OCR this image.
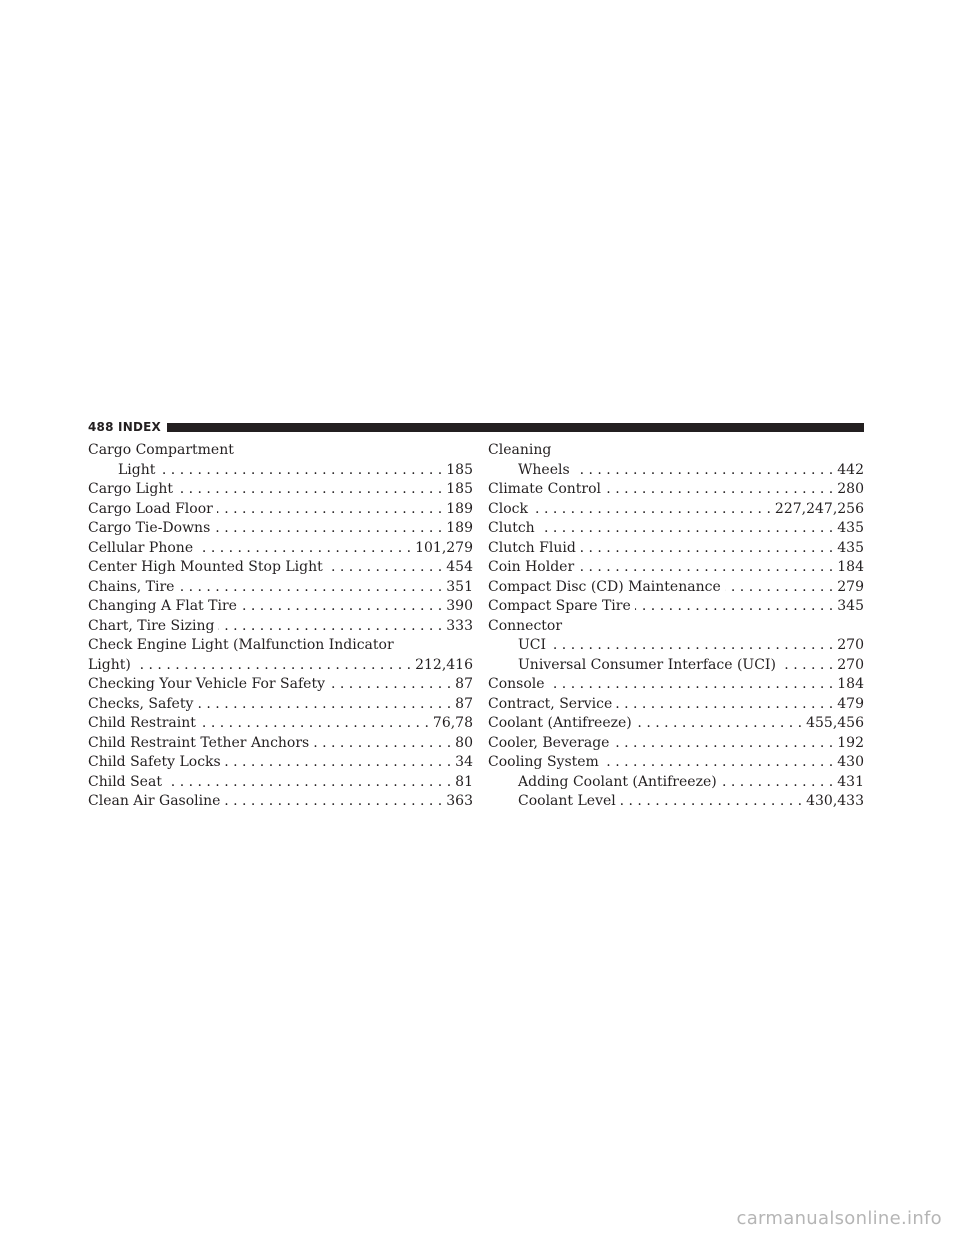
488 INDEX
Cargo Compartment
Light . . .	185
Cargo Light . . .	185
Cargo Load Floor . . .	189
Cargo Tie-Downs . . .	189
Cellular Phone . . .	101,279
Center High Mounted Stop Light . . .	454
Chains, Tire . . .	351
Changing A Flat Tire . . .	390
Chart, Tire Sizing . . .	333
Check Engine Light (Malfunction Indicator
Light) . . .	212,416
Checking Your Vehicle For Safety . . .	87
Checks, Safety . . .	87
Child Restraint . . .	76,78
Child Restraint Tether Anchors . . .	80
Child Safety Locks . . .	34
Child Seat . . .	81
Clean Air Gasoline . . .	363
Cleaning
Wheels . . .	442
Climate Control . . .	280
Clock . . .	227,247,256
Clutch . . .	435
Clutch Fluid . . .	435
Coin Holder . . .	184
Compact Disc (CD) Maintenance . . .	279
Compact Spare Tire . . .	345
Connector
UCI . . .	270
Universal Consumer Interface (UCI) . . .	270
Console . . .	184
Contract, Service . . .	479
Coolant (Antifreeze) . . .	455,456
Cooler, Beverage . . .	192
Cooling System . . .	430
Adding Coolant (Antifreeze) . . .	431
Coolant Level . . .	430,433
carmanualsonline.info
